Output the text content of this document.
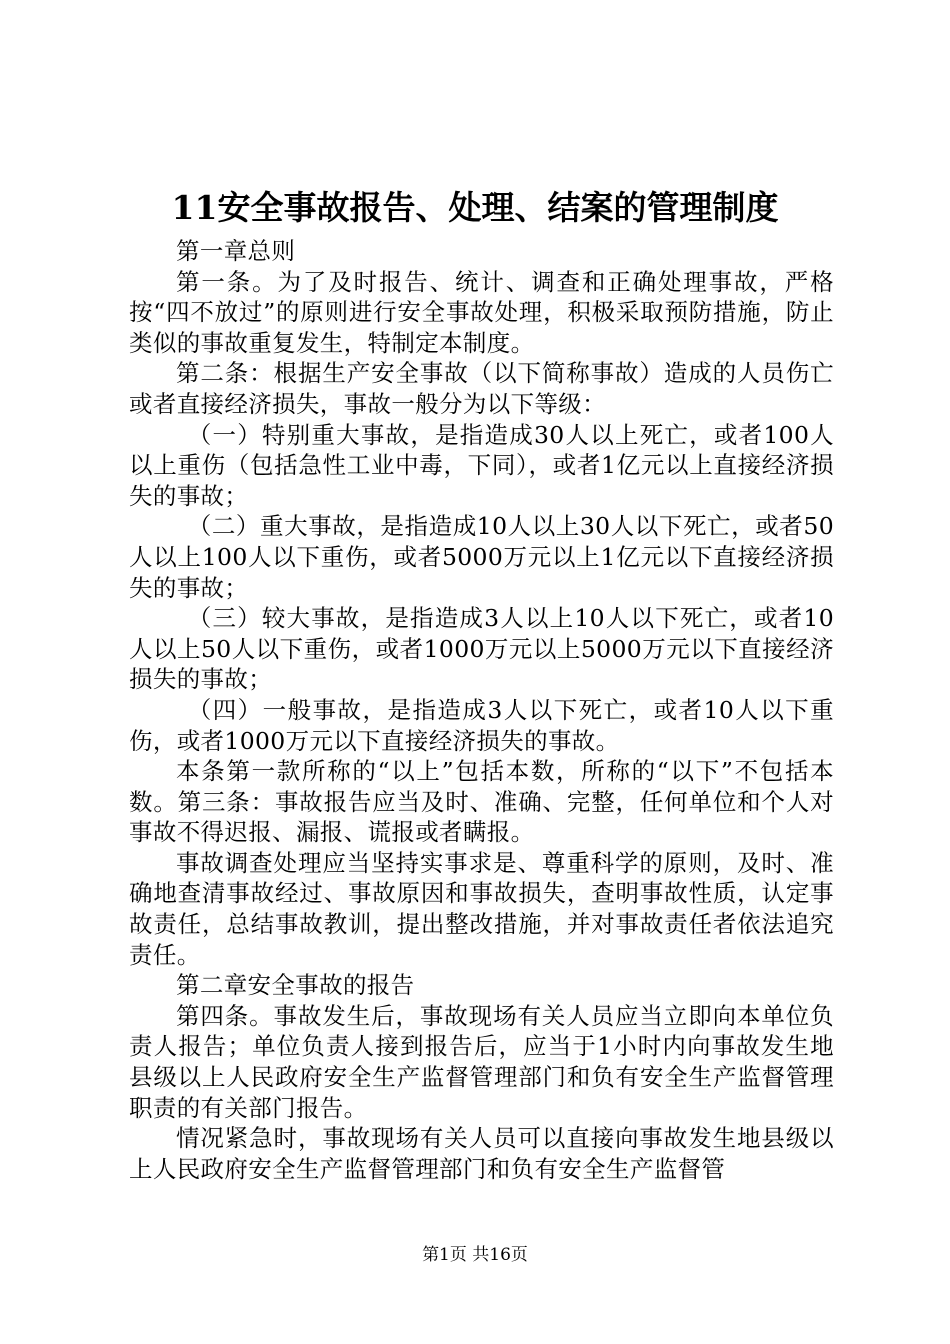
11安全事故报告、处理、结案的管理制度

第一章总则

第一条。为了及时报告、统计、调查和正确处理事故，严格按“四不放过”的原则进行安全事故处理，积极采取预防措施，防止类似的事故重复发生，特制定本制度。

第二条：根据生产安全事故（以下简称事故）造成的人员伤亡或者直接经济损失，事故一般分为以下等级：

（一）特别重大事故，是指造成30人以上死亡，或者100人以上重伤（包括急性工业中毒，下同），或者1亿元以上直接经济损失的事故；

（二）重大事故，是指造成10人以上30人以下死亡，或者50人以上100人以下重伤，或者5000万元以上1亿元以下直接经济损失的事故；

（三）较大事故，是指造成3人以上10人以下死亡，或者10人以上50人以下重伤，或者1000万元以上5000万元以下直接经济损失的事故；

（四）一般事故，是指造成3人以下死亡，或者10人以下重伤，或者1000万元以下直接经济损失的事故。

本条第一款所称的“以上”包括本数，所称的“以下”不包括本数。第三条：事故报告应当及时、准确、完整，任何单位和个人对事故不得迟报、漏报、谎报或者瞒报。

事故调查处理应当坚持实事求是、尊重科学的原则，及时、准确地查清事故经过、事故原因和事故损失，查明事故性质，认定事故责任，总结事故教训，提出整改措施，并对事故责任者依法追究责任。

第二章安全事故的报告

第四条。事故发生后，事故现场有关人员应当立即向本单位负责人报告；单位负责人接到报告后，应当于1小时内向事故发生地县级以上人民政府安全生产监督管理部门和负有安全生产监督管理职责的有关部门报告。

情况紧急时，事故现场有关人员可以直接向事故发生地县级以上人民政府安全生产监督管理部门和负有安全生产监督管

第1页 共16页
